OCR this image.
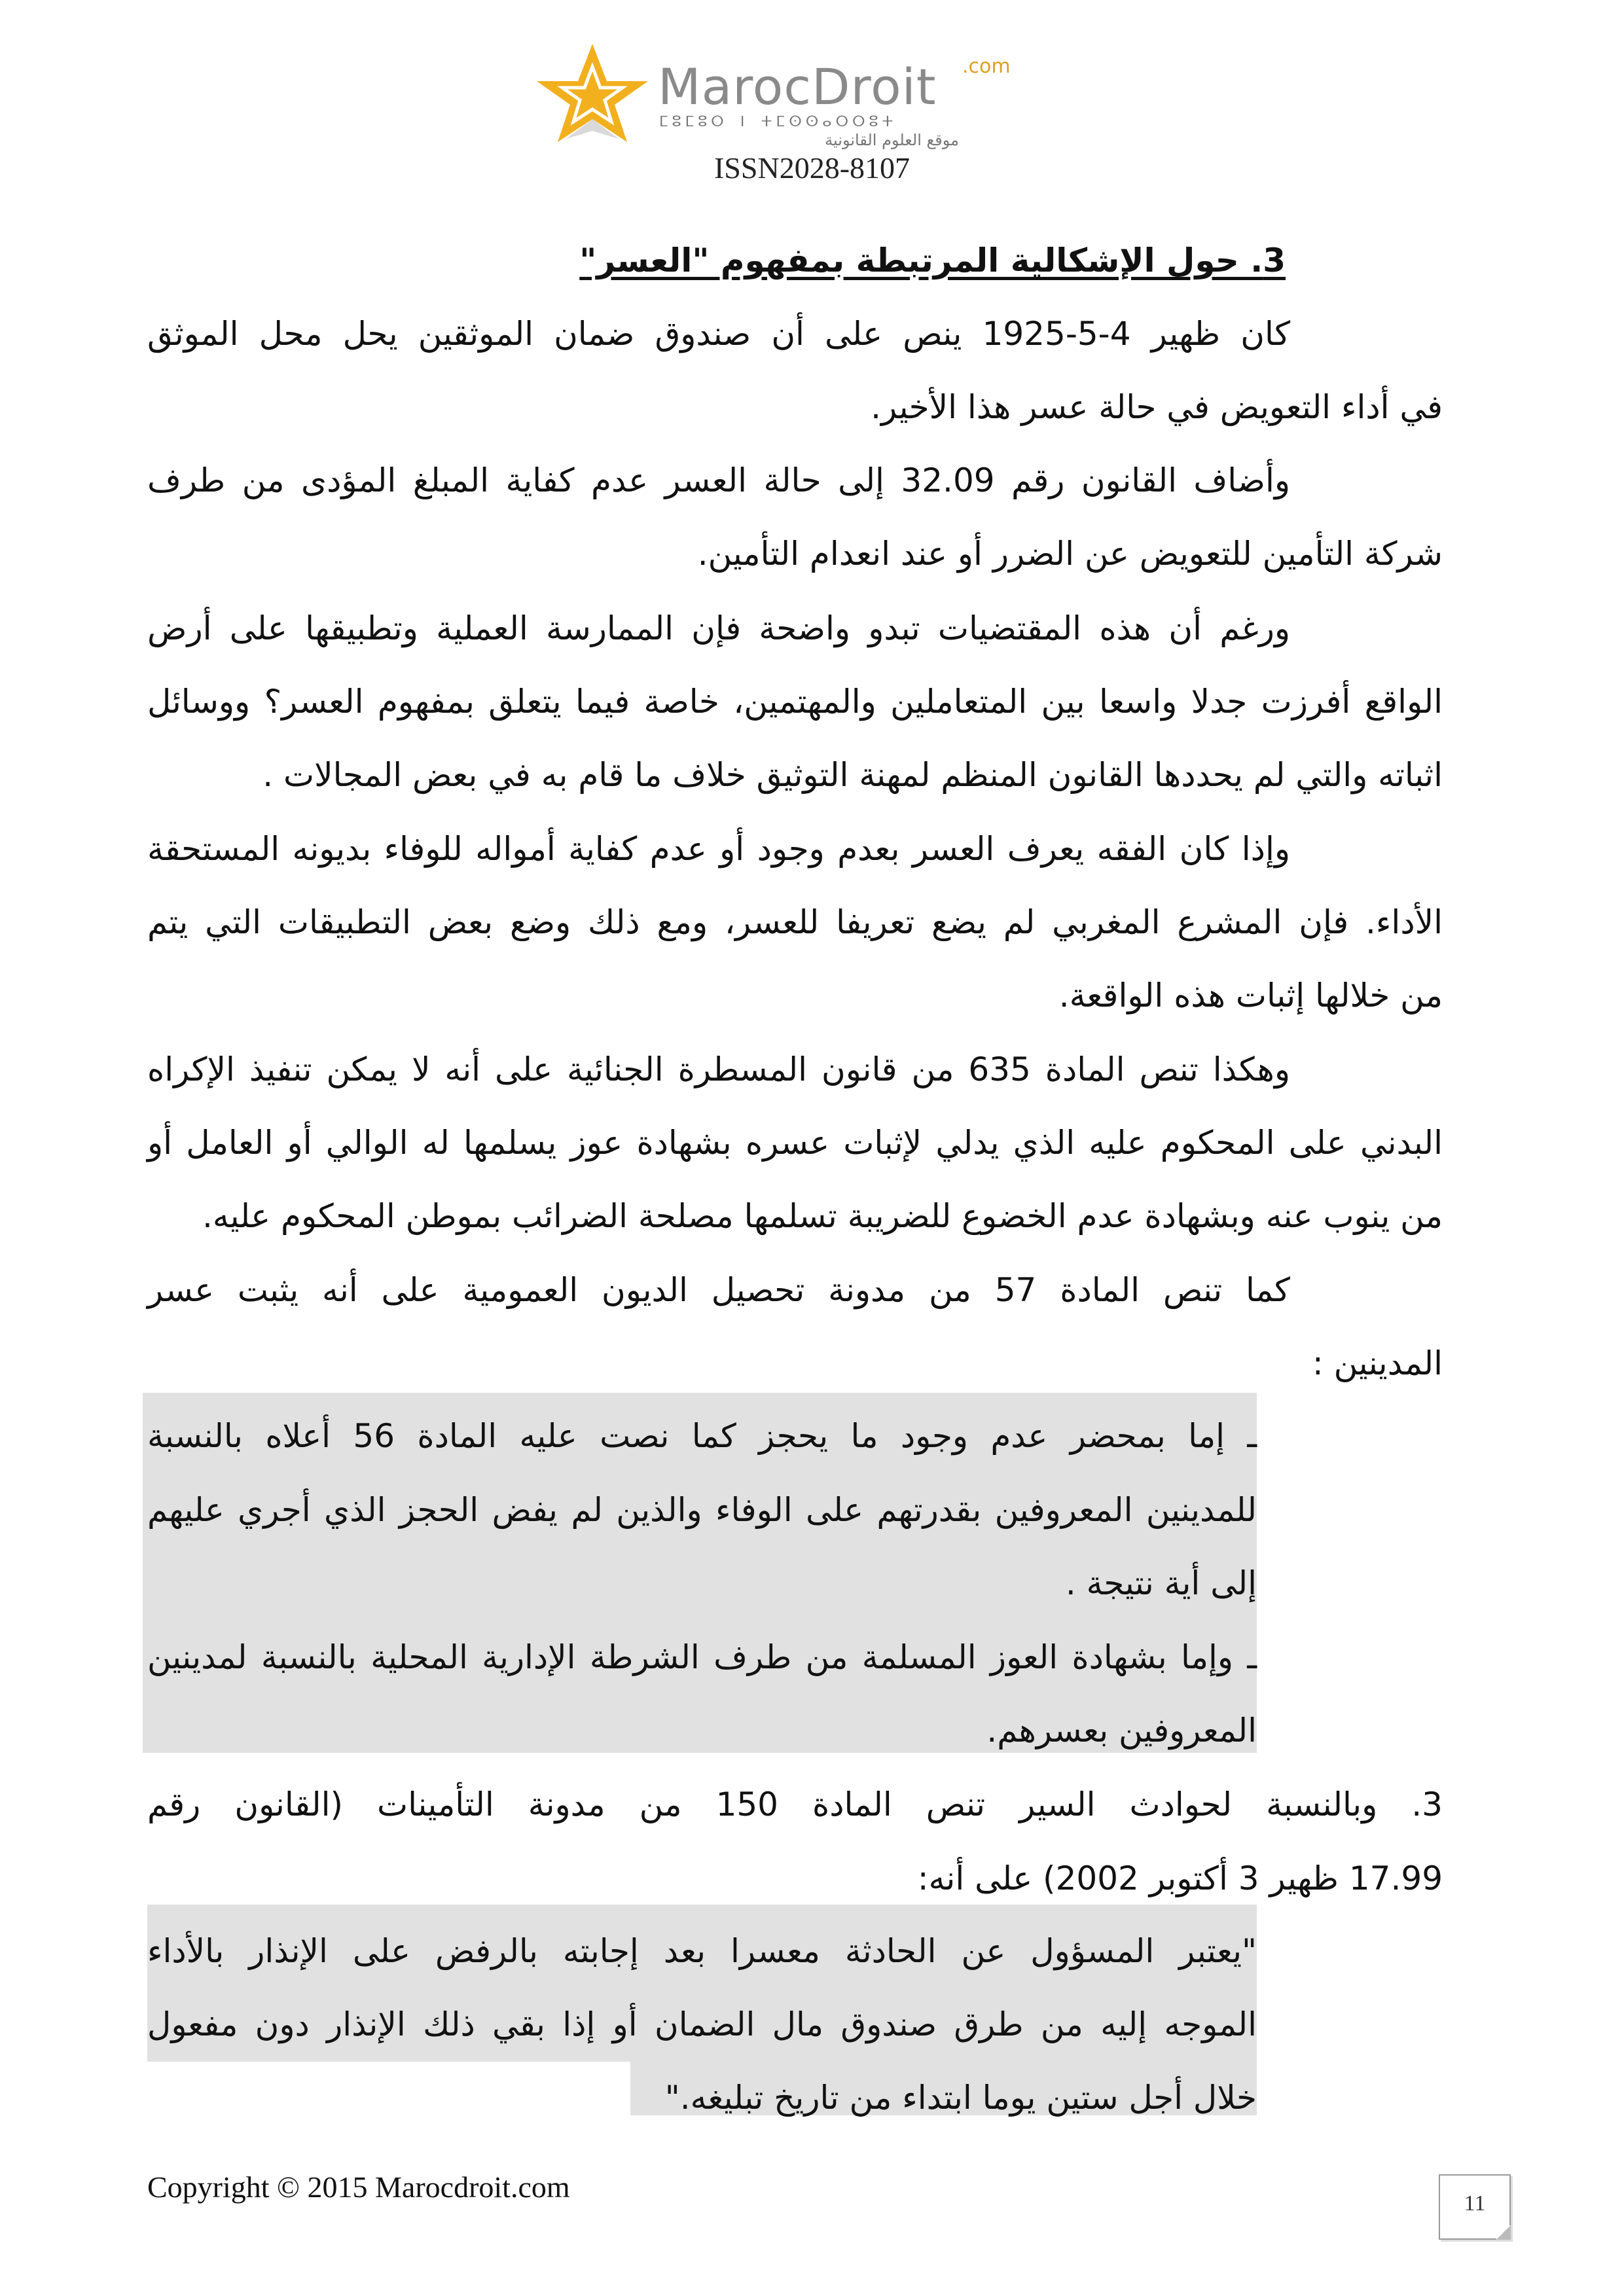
MarocDroit .com
ⵎⵓⵎⵓⵔ ⵏ ⵜⵎⵙⵙⴰⵔⵔⵓⵜ
موقع العلوم القانونية
ISSN2028-8107
3. حول الإشكالية المرتبطة بمفهوم "العسر"
كان ظهير 4-5-1925 ينص على أن صندوق ضمان الموثقين يحل محل الموثق
في أداء التعويض في حالة عسر هذا الأخير.
وأضاف القانون رقم 32.09 إلى حالة العسر عدم كفاية المبلغ المؤدى من طرف
شركة التأمين للتعويض عن الضرر أو عند انعدام التأمين.
ورغم أن هذه المقتضيات تبدو واضحة فإن الممارسة العملية وتطبيقها على أرض
الواقع أفرزت جدلا واسعا بين المتعاملين والمهتمين، خاصة فيما يتعلق بمفهوم العسر؟ ووسائل
اثباته والتي لم يحددها القانون المنظم لمهنة التوثيق خلاف ما قام به في بعض المجالات .
وإذا كان الفقه يعرف العسر بعدم وجود أو عدم كفاية أمواله للوفاء بديونه المستحقة
الأداء. فإن المشرع المغربي لم يضع تعريفا للعسر، ومع ذلك وضع بعض التطبيقات التي يتم
من خلالها إثبات هذه الواقعة.
وهكذا تنص المادة 635 من قانون المسطرة الجنائية على أنه لا يمكن تنفيذ الإكراه
البدني على المحكوم عليه الذي يدلي لإثبات عسره بشهادة عوز يسلمها له الوالي أو العامل أو
من ينوب عنه وبشهادة عدم الخضوع للضريبة تسلمها مصلحة الضرائب بموطن المحكوم عليه.
كما تنص المادة 57 من مدونة تحصيل الديون العمومية على أنه يثبت عسر
المدينين :
ـ إما بمحضر عدم وجود ما يحجز كما نصت عليه المادة 56 أعلاه بالنسبة
للمدينين المعروفين بقدرتهم على الوفاء والذين لم يفض الحجز الذي أجري عليهم
إلى أية نتيجة .
ـ وإما بشهادة العوز المسلمة من طرف الشرطة الإدارية المحلية بالنسبة لمدينين
المعروفين بعسرهم.
3. وبالنسبة لحوادث السير تنص المادة 150 من مدونة التأمينات (القانون رقم
17.99 ظهير 3 أكتوبر 2002) على أنه:
"يعتبر المسؤول عن الحادثة معسرا بعد إجابته بالرفض على الإنذار بالأداء
الموجه إليه من طرق صندوق مال الضمان أو إذا بقي ذلك الإنذار دون مفعول
خلال أجل ستين يوما ابتداء من تاريخ تبليغه."
Copyright © 2015 Marocdroit.com	11
